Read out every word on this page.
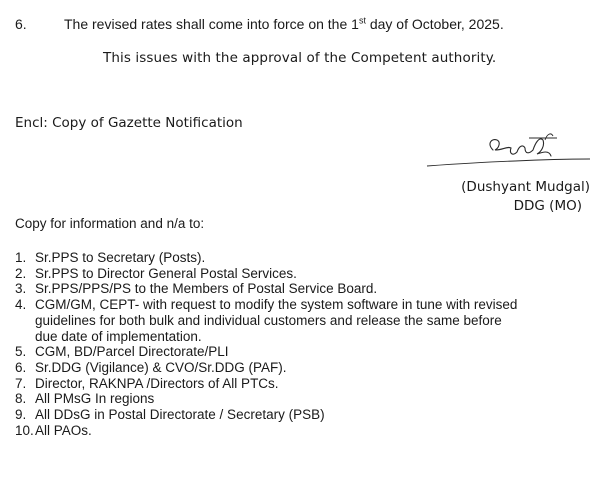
6.	The revised rates shall come into force on the 1st day of October, 2025.
This issues with the approval of the Competent authority.
Encl: Copy of Gazette Notification
(Dushyant Mudgal)
DDG (MO)
Copy for information and n/a to:
1. Sr.PPS to Secretary (Posts).
2. Sr.PPS to Director General Postal Services.
3. Sr.PPS/PPS/PS to the Members of Postal Service Board.
4. CGM/GM, CEPT- with request to modify the system software in tune with revised
guidelines for both bulk and individual customers and release the same before
due date of implementation.
5. CGM, BD/Parcel Directorate/PLI
6. Sr.DDG (Vigilance) & CVO/Sr.DDG (PAF).
7. Director, RAKNPA /Directors of All PTCs.
8. All PMsG In regions
9. All DDsG in Postal Directorate / Secretary (PSB)
10. All PAOs.
